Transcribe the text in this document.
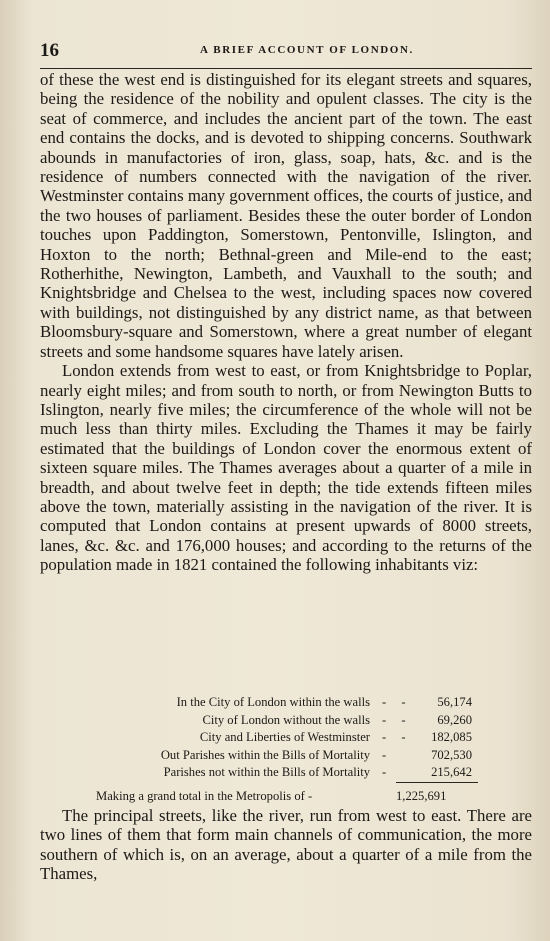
16	A BRIEF ACCOUNT OF LONDON.

of these the west end is distinguished for its elegant streets and squares, being the residence of the nobility and opulent classes. The city is the seat of commerce, and includes the ancient part of the town. The east end contains the docks, and is devoted to shipping concerns. Southwark abounds in manufactories of iron, glass, soap, hats, &c. and is the residence of numbers connected with the navigation of the river. Westminster contains many government offices, the courts of justice, and the two houses of parliament. Besides these the outer border of London touches upon Paddington, Somerstown, Pentonville, Islington, and Hoxton to the north; Bethnal-green and Mile-end to the east; Rotherhithe, Newington, Lambeth, and Vauxhall to the south; and Knightsbridge and Chelsea to the west, including spaces now covered with buildings, not distinguished by any district name, as that between Bloomsbury-square and Somerstown, where a great number of elegant streets and some handsome squares have lately arisen.

London extends from west to east, or from Knightsbridge to Poplar, nearly eight miles; and from south to north, or from Newington Butts to Islington, nearly five miles; the circumference of the whole will not be much less than thirty miles. Excluding the Thames it may be fairly estimated that the buildings of London cover the enormous extent of sixteen square miles. The Thames averages about a quarter of a mile in breadth, and about twelve feet in depth; the tide extends fifteen miles above the town, materially assisting in the navigation of the river. It is computed that London contains at present upwards of 8000 streets, lanes, &c. &c. and 176,000 houses; and according to the returns of the population made in 1821 contained the following inhabitants viz:

In the City of London within the walls - - 56,174
City of London without the walls - - 69,260
City and Liberties of Westminster - - 182,085
Out Parishes within the Bills of Mortality -	702,530
Parishes not within the Bills of Mortality -	215,642
Making a grand total in the Metropolis of -	1,225,691

The principal streets, like the river, run from west to east. There are two lines of them that form main channels of communication, the more southern of which is, on an average, about a quarter of a mile from the Thames,
